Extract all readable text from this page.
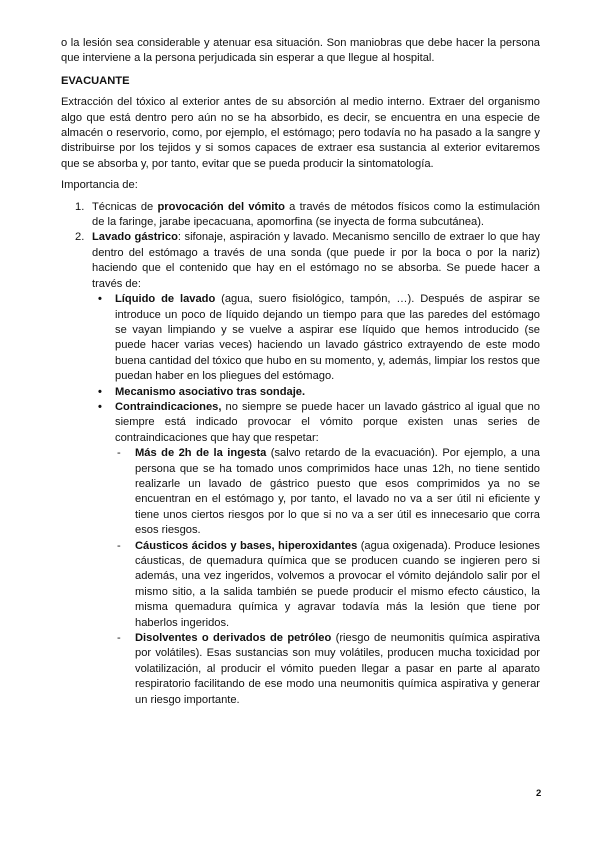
o la lesión sea considerable y atenuar esa situación. Son maniobras que debe hacer la persona que interviene a la persona perjudicada sin esperar a que llegue al hospital.

EVACUANTE

Extracción del tóxico al exterior antes de su absorción al medio interno. Extraer del organismo algo que está dentro pero aún no se ha absorbido, es decir, se encuentra en una especie de almacén o reservorio, como, por ejemplo, el estómago; pero todavía no ha pasado a la sangre y distribuirse por los tejidos y si somos capaces de extraer esa sustancia al exterior evitaremos que se absorba y, por tanto, evitar que se pueda producir la sintomatología.

Importancia de:

1. Técnicas de provocación del vómito a través de métodos físicos como la estimulación de la faringe, jarabe ipecacuana, apomorfina (se inyecta de forma subcutánea).
2. Lavado gástrico: sifonaje, aspiración y lavado. Mecanismo sencillo de extraer lo que hay dentro del estómago a través de una sonda (que puede ir por la boca o por la nariz) haciendo que el contenido que hay en el estómago no se absorba. Se puede hacer a través de:
• Líquido de lavado (agua, suero fisiológico, tampón, …). Después de aspirar se introduce un poco de líquido dejando un tiempo para que las paredes del estómago se vayan limpiando y se vuelve a aspirar ese líquido que hemos introducido (se puede hacer varias veces) haciendo un lavado gástrico extrayendo de este modo buena cantidad del tóxico que hubo en su momento, y, además, limpiar los restos que puedan haber en los pliegues del estómago.
• Mecanismo asociativo tras sondaje.
• Contraindicaciones, no siempre se puede hacer un lavado gástrico al igual que no siempre está indicado provocar el vómito porque existen unas series de contraindicaciones que hay que respetar:
- Más de 2h de la ingesta (salvo retardo de la evacuación). Por ejemplo, a una persona que se ha tomado unos comprimidos hace unas 12h, no tiene sentido realizarle un lavado de gástrico puesto que esos comprimidos ya no se encuentran en el estómago y, por tanto, el lavado no va a ser útil ni eficiente y tiene unos ciertos riesgos por lo que si no va a ser útil es innecesario que corra esos riesgos.
- Cáusticos ácidos y bases, hiperoxidantes (agua oxigenada). Produce lesiones cáusticas, de quemadura química que se producen cuando se ingieren pero si además, una vez ingeridos, volvemos a provocar el vómito dejándolo salir por el mismo sitio, a la salida también se puede producir el mismo efecto cáustico, la misma quemadura química y agravar todavía más la lesión que tiene por haberlos ingeridos.
- Disolventes o derivados de petróleo (riesgo de neumonitis química aspirativa por volátiles). Esas sustancias son muy volátiles, producen mucha toxicidad por volatilización, al producir el vómito pueden llegar a pasar en parte al aparato respiratorio facilitando de ese modo una neumonitis química aspirativa y generar un riesgo importante.
2
